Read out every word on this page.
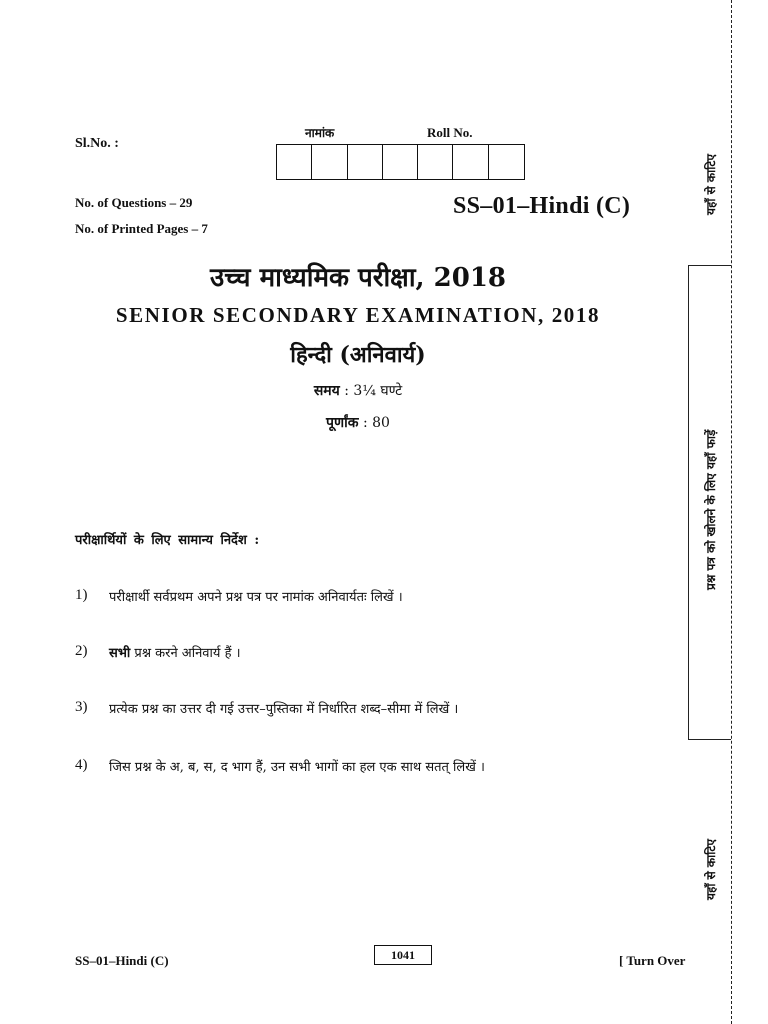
Sl.No. :
नामांक	Roll No.
No. of Questions – 29
No. of Printed Pages – 7
SS–01–Hindi (C)
उच्च माध्यमिक परीक्षा, 2018
SENIOR SECONDARY EXAMINATION, 2018
हिन्दी (अनिवार्य)
समय : 3¼ घण्टे
पूर्णांक : 80
परीक्षार्थियों के लिए सामान्य निर्देश :
1)	परीक्षार्थी सर्वप्रथम अपने प्रश्न पत्र पर नामांक अनिवार्यतः लिखें ।
2)	सभी प्रश्न करने अनिवार्य हैं ।
3)	प्रत्येक प्रश्न का उत्तर दी गई उत्तर–पुस्तिका में निर्धारित शब्द–सीमा में लिखें ।
4)	जिस प्रश्न के अ, ब, स, द भाग हैं, उन सभी भागों का हल एक साथ सतत् लिखें ।
SS–01–Hindi (C)	1041	[ Turn Over
यहाँ से काटिए
प्रश्न पत्र को खोलने के लिए यहाँ फाड़ें
यहाँ से काटिए
